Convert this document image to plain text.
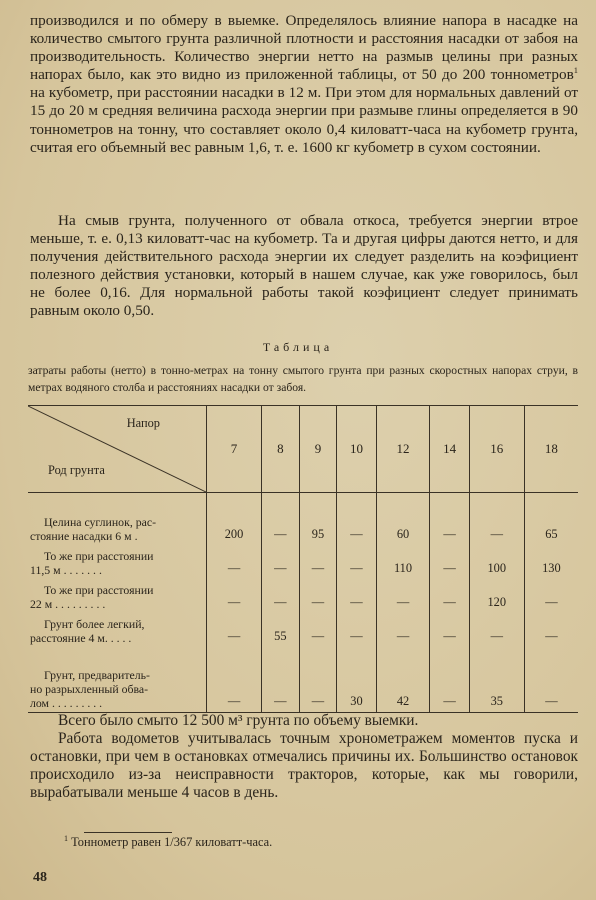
производился и по обмеру в выемке. Определялось влияние напора в насадке на количество смытого грунта различной плотности и расстояния насадки от забоя на производительность. Количество энергии нетто на размыв целины при разных напорах было, как это видно из приложенной таблицы, от 50 до 200 тоннометров$^1$ на кубометр, при расстоянии насадки в 12 м. При этом для нормальных давлений от 15 до 20 м средняя величина расхода энергии при размыве глины определяется в 90 тоннометров на тонну, что составляет около 0,4 киловатт-часа на кубометр грунта, считая его объемный вес равным 1,6, т. е. 1600 кг кубометр в сухом состоянии.

На смыв грунта, полученного от обвала откоса, требуется энергии втрое меньше, т. е. 0,13 киловатт-час на кубометр. Та и другая цифры даются нетто, и для получения действительного расхода энергии их следует разделить на коэфициент полезного действия установки, который в нашем случае, как уже говорилось, был не более 0,16. Для нормальной работы такой коэфициент следует принимать равным около 0,50.

Таблица

затраты работы (нетто) в тонно-метрах на тонну смытого грунта при разных скоростных напорах струи, в метрах водяного столба и расстояниях насадки от забоя.

Напор
Род грунта	7	8	9	10	12	14	16	18

Целина суглинок, рас-
стояние насадки 6 м .	200	—	95	—	60	—	—	65

То же при расстоянии
11,5 м . . . . . . .	—	—	—	—	110	—	100	130

То же при расстоянии
22 м . . . . . . . . .	—	—	—	—	—	—	120	—

Грунт более легкий,
расстояние 4 м. . . . .	—	55	—	—	—	—	—	—

Грунт, предваритель-
но разрыхленный обва-
лом . . . . . . . . .	—	—	—	30	42	—	35	—

Всего было смыто 12 500 м³ грунта по объему выемки.

Работа водометов учитывалась точным хронометражем моментов пуска и остановки, при чем в остановках отмечались причины их. Большинство остановок происходило из-за неисправности тракторов, которые, как мы говорили, вырабатывали меньше 4 часов в день.

$^1$ Тоннометр равен 1/367 киловатт-часа.

48
